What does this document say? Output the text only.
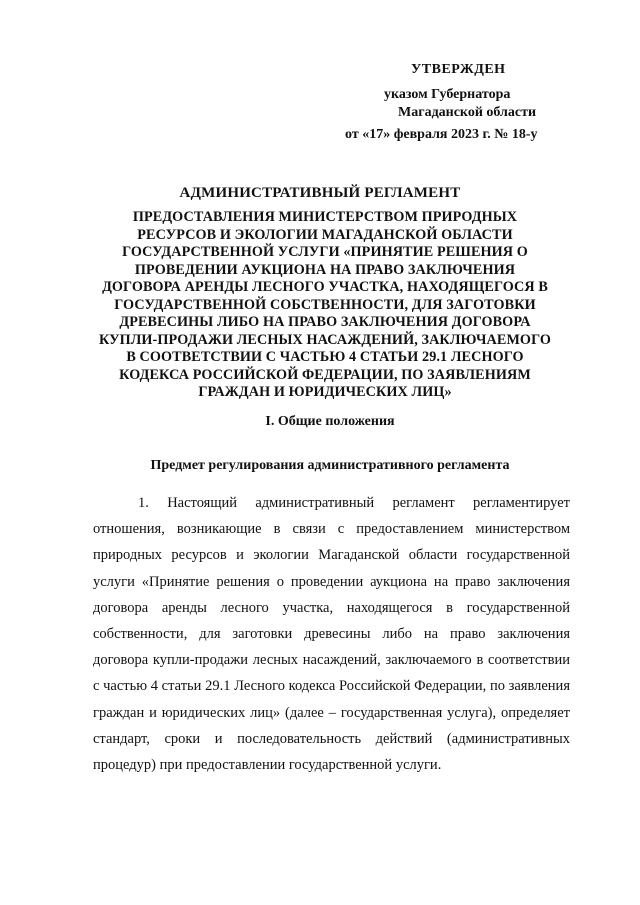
УТВЕРЖДЕН
указом Губернатора
Магаданской области
от «17» февраля 2023 г. № 18-у
АДМИНИСТРАТИВНЫЙ РЕГЛАМЕНТ
ПРЕДОСТАВЛЕНИЯ МИНИСТЕРСТВОМ ПРИРОДНЫХ РЕСУРСОВ И ЭКОЛОГИИ МАГАДАНСКОЙ ОБЛАСТИ ГОСУДАРСТВЕННОЙ УСЛУГИ «ПРИНЯТИЕ РЕШЕНИЯ О ПРОВЕДЕНИИ АУКЦИОНА НА ПРАВО ЗАКЛЮЧЕНИЯ ДОГОВОРА АРЕНДЫ ЛЕСНОГО УЧАСТКА, НАХОДЯЩЕГОСЯ В ГОСУДАРСТВЕННОЙ СОБСТВЕННОСТИ, ДЛЯ ЗАГОТОВКИ ДРЕВЕСИНЫ ЛИБО НА ПРАВО ЗАКЛЮЧЕНИЯ ДОГОВОРА КУПЛИ-ПРОДАЖИ ЛЕСНЫХ НАСАЖДЕНИЙ, ЗАКЛЮЧАЕМОГО В СООТВЕТСТВИИ С ЧАСТЬЮ 4 СТАТЬИ 29.1 ЛЕСНОГО КОДЕКСА РОССИЙСКОЙ ФЕДЕРАЦИИ, ПО ЗАЯВЛЕНИЯМ ГРАЖДАН И ЮРИДИЧЕСКИХ ЛИЦ»
I. Общие положения
Предмет регулирования административного регламента
1. Настоящий административный регламент регламентирует отношения, возникающие в связи с предоставлением министерством природных ресурсов и экологии Магаданской области государственной услуги «Принятие решения о проведении аукциона на право заключения договора аренды лесного участка, находящегося в государственной собственности, для заготовки древесины либо на право заключения договора купли-продажи лесных насаждений, заключаемого в соответствии с частью 4 статьи 29.1 Лесного кодекса Российской Федерации, по заявления граждан и юридических лиц» (далее – государственная услуга), определяет стандарт, сроки и последовательность действий (административных процедур) при предоставлении государственной услуги.
